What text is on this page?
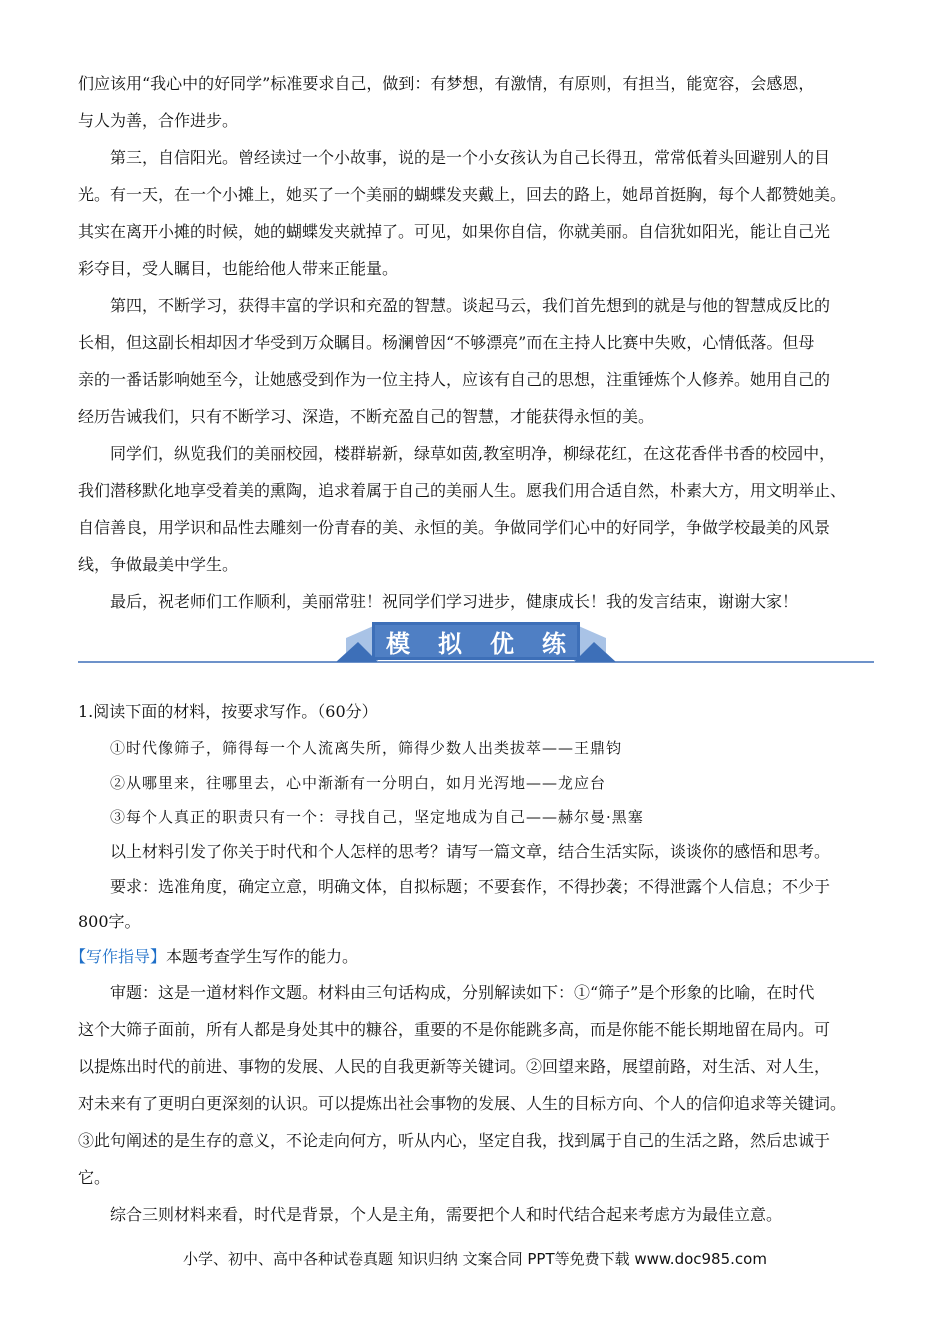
们应该用“我心中的好同学”标准要求自己，做到：有梦想，有激情，有原则，有担当，能宽容，会感恩，
与人为善，合作进步。
第三，自信阳光。曾经读过一个小故事，说的是一个小女孩认为自己长得丑，常常低着头回避别人的目
光。有一天，在一个小摊上，她买了一个美丽的蝴蝶发夹戴上，回去的路上，她昂首挺胸，每个人都赞她美。
其实在离开小摊的时候，她的蝴蝶发夹就掉了。可见，如果你自信，你就美丽。自信犹如阳光，能让自己光
彩夺目，受人瞩目，也能给他人带来正能量。
第四，不断学习，获得丰富的学识和充盈的智慧。谈起马云，我们首先想到的就是与他的智慧成反比的
长相，但这副长相却因才华受到万众瞩目。杨澜曾因“不够漂亮”而在主持人比赛中失败，心情低落。但母
亲的一番话影响她至今，让她感受到作为一位主持人，应该有自己的思想，注重锤炼个人修养。她用自己的
经历告诫我们，只有不断学习、深造，不断充盈自己的智慧，才能获得永恒的美。
同学们，纵览我们的美丽校园，楼群崭新，绿草如茵,教室明净，柳绿花红，在这花香伴书香的校园中，
我们潜移默化地享受着美的熏陶，追求着属于自己的美丽人生。愿我们用合适自然，朴素大方，用文明举止、
自信善良，用学识和品性去雕刻一份青春的美、永恒的美。争做同学们心中的好同学，争做学校最美的风景
线，争做最美中学生。
最后，祝老师们工作顺利，美丽常驻！祝同学们学习进步，健康成长！我的发言结束，谢谢大家！
模 拟 优 练
1.阅读下面的材料，按要求写作。（60分）
①时代像筛子，筛得每一个人流离失所，筛得少数人出类拔萃——王鼎钧
②从哪里来，往哪里去，心中渐渐有一分明白，如月光泻地——龙应台
③每个人真正的职责只有一个：寻找自己，坚定地成为自己——赫尔曼·黑塞
以上材料引发了你关于时代和个人怎样的思考？请写一篇文章，结合生活实际，谈谈你的感悟和思考。
要求：选准角度，确定立意，明确文体，自拟标题；不要套作，不得抄袭；不得泄露个人信息；不少于
800字。
【写作指导】本题考查学生写作的能力。
审题：这是一道材料作文题。材料由三句话构成，分别解读如下：①“筛子”是个形象的比喻，在时代
这个大筛子面前，所有人都是身处其中的糠谷，重要的不是你能跳多高，而是你能不能长期地留在局内。可
以提炼出时代的前进、事物的发展、人民的自我更新等关键词。②回望来路，展望前路，对生活、对人生，
对未来有了更明白更深刻的认识。可以提炼出社会事物的发展、人生的目标方向、个人的信仰追求等关键词。
③此句阐述的是生存的意义，不论走向何方，听从内心，坚定自我，找到属于自己的生活之路，然后忠诚于
它。
综合三则材料来看，时代是背景，个人是主角，需要把个人和时代结合起来考虑方为最佳立意。
小学、初中、高中各种试卷真题 知识归纳 文案合同 PPT等免费下载 www.doc985.com
